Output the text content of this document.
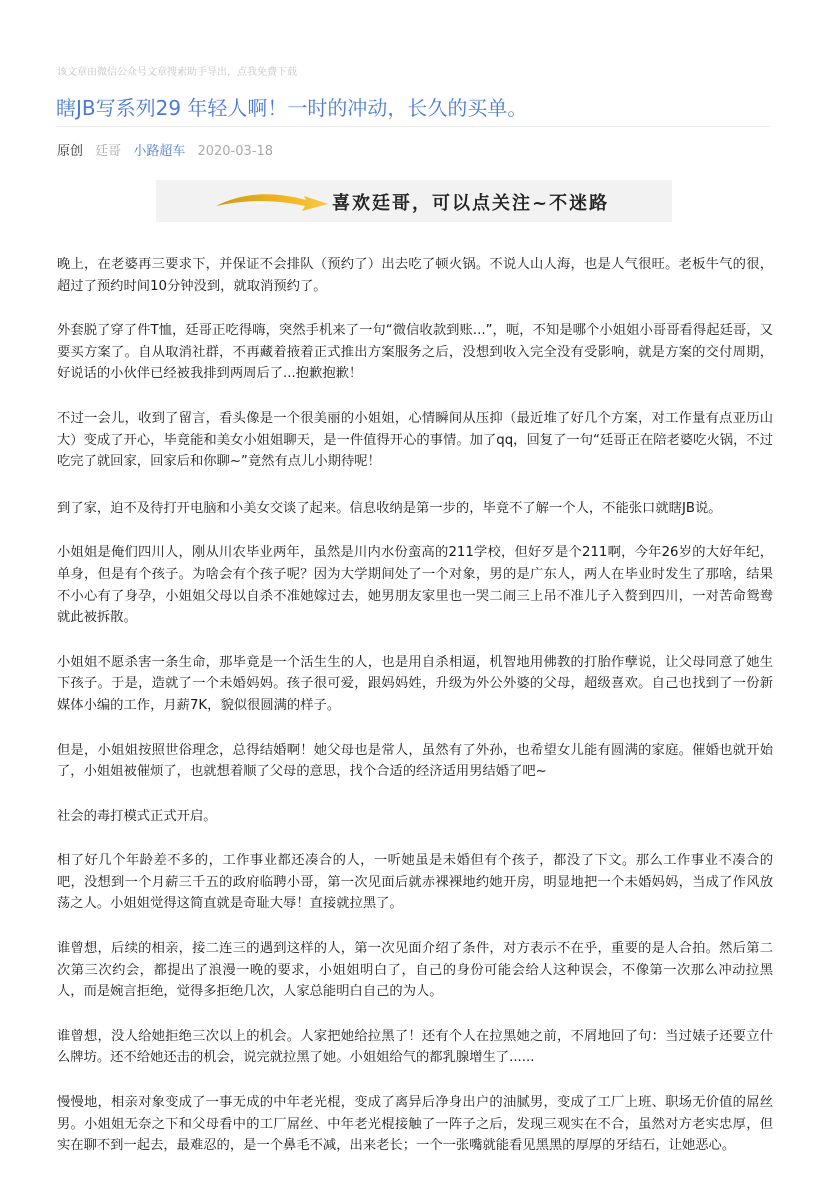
该文章由微信公众号文章搜索助手导出，点我免费下载
瞎JB写系列29 年轻人啊！一时的冲动，长久的买单。
原创 廷哥 小路超车 2020-03-18
喜欢廷哥，可以点关注~不迷路

晚上，在老婆再三要求下，并保证不会排队（预约了）出去吃了顿火锅。不说人山人海，也是人气很旺。老板牛气的很，超过了预约时间10分钟没到，就取消预约了。

外套脱了穿了件T恤，廷哥正吃得嗨，突然手机来了一句“微信收款到账...”，呃，不知是哪个小姐姐小哥哥看得起廷哥，又要买方案了。自从取消社群，不再藏着掖着正式推出方案服务之后，没想到收入完全没有受影响，就是方案的交付周期，好说话的小伙伴已经被我排到两周后了...抱歉抱歉！

不过一会儿，收到了留言，看头像是一个很美丽的小姐姐，心情瞬间从压抑（最近堆了好几个方案，对工作量有点亚历山大）变成了开心，毕竟能和美女小姐姐聊天，是一件值得开心的事情。加了qq，回复了一句“廷哥正在陪老婆吃火锅，不过吃完了就回家，回家后和你聊~”竟然有点儿小期待呢！

到了家，迫不及待打开电脑和小美女交谈了起来。信息收纳是第一步的，毕竟不了解一个人，不能张口就瞎JB说。

小姐姐是俺们四川人，刚从川农毕业两年，虽然是川内水份蛮高的211学校，但好歹是个211啊，今年26岁的大好年纪，单身，但是有个孩子。为啥会有个孩子呢？因为大学期间处了一个对象，男的是广东人，两人在毕业时发生了那啥，结果不小心有了身孕，小姐姐父母以自杀不准她嫁过去，她男朋友家里也一哭二闹三上吊不准儿子入赘到四川，一对苦命鸳鸯就此被拆散。

小姐姐不愿杀害一条生命，那毕竟是一个活生生的人，也是用自杀相逼，机智地用佛教的打胎作孽说，让父母同意了她生下孩子。于是，造就了一个未婚妈妈。孩子很可爱，跟妈妈姓，升级为外公外婆的父母，超级喜欢。自己也找到了一份新媒体小编的工作，月薪7K，貌似很圆满的样子。

但是，小姐姐按照世俗理念，总得结婚啊！她父母也是常人，虽然有了外孙，也希望女儿能有圆满的家庭。催婚也就开始了，小姐姐被催烦了，也就想着顺了父母的意思，找个合适的经济适用男结婚了吧~

社会的毒打模式正式开启。

相了好几个年龄差不多的，工作事业都还凑合的人，一听她虽是未婚但有个孩子，都没了下文。那么工作事业不凑合的吧，没想到一个月薪三千五的政府临聘小哥，第一次见面后就赤裸裸地约她开房，明显地把一个未婚妈妈，当成了作风放荡之人。小姐姐觉得这简直就是奇耻大辱！直接就拉黑了。

谁曾想，后续的相亲，接二连三的遇到这样的人，第一次见面介绍了条件，对方表示不在乎，重要的是人合拍。然后第二次第三次约会，都提出了浪漫一晚的要求，小姐姐明白了，自己的身份可能会给人这种误会，不像第一次那么冲动拉黑人，而是婉言拒绝，觉得多拒绝几次，人家总能明白自己的为人。

谁曾想，没人给她拒绝三次以上的机会。人家把她给拉黑了！还有个人在拉黑她之前，不屑地回了句：当过婊子还要立什么牌坊。还不给她还击的机会，说完就拉黑了她。小姐姐给气的都乳腺增生了......

慢慢地，相亲对象变成了一事无成的中年老光棍，变成了离异后净身出户的油腻男，变成了工厂上班、职场无价值的屌丝男。小姐姐无奈之下和父母看中的工厂屌丝、中年老光棍接触了一阵子之后，发现三观实在不合，虽然对方老实忠厚，但实在聊不到一起去，最难忍的，是一个鼻毛不减，出来老长；一个一张嘴就能看见黑黑的厚厚的牙结石，让她恶心。
